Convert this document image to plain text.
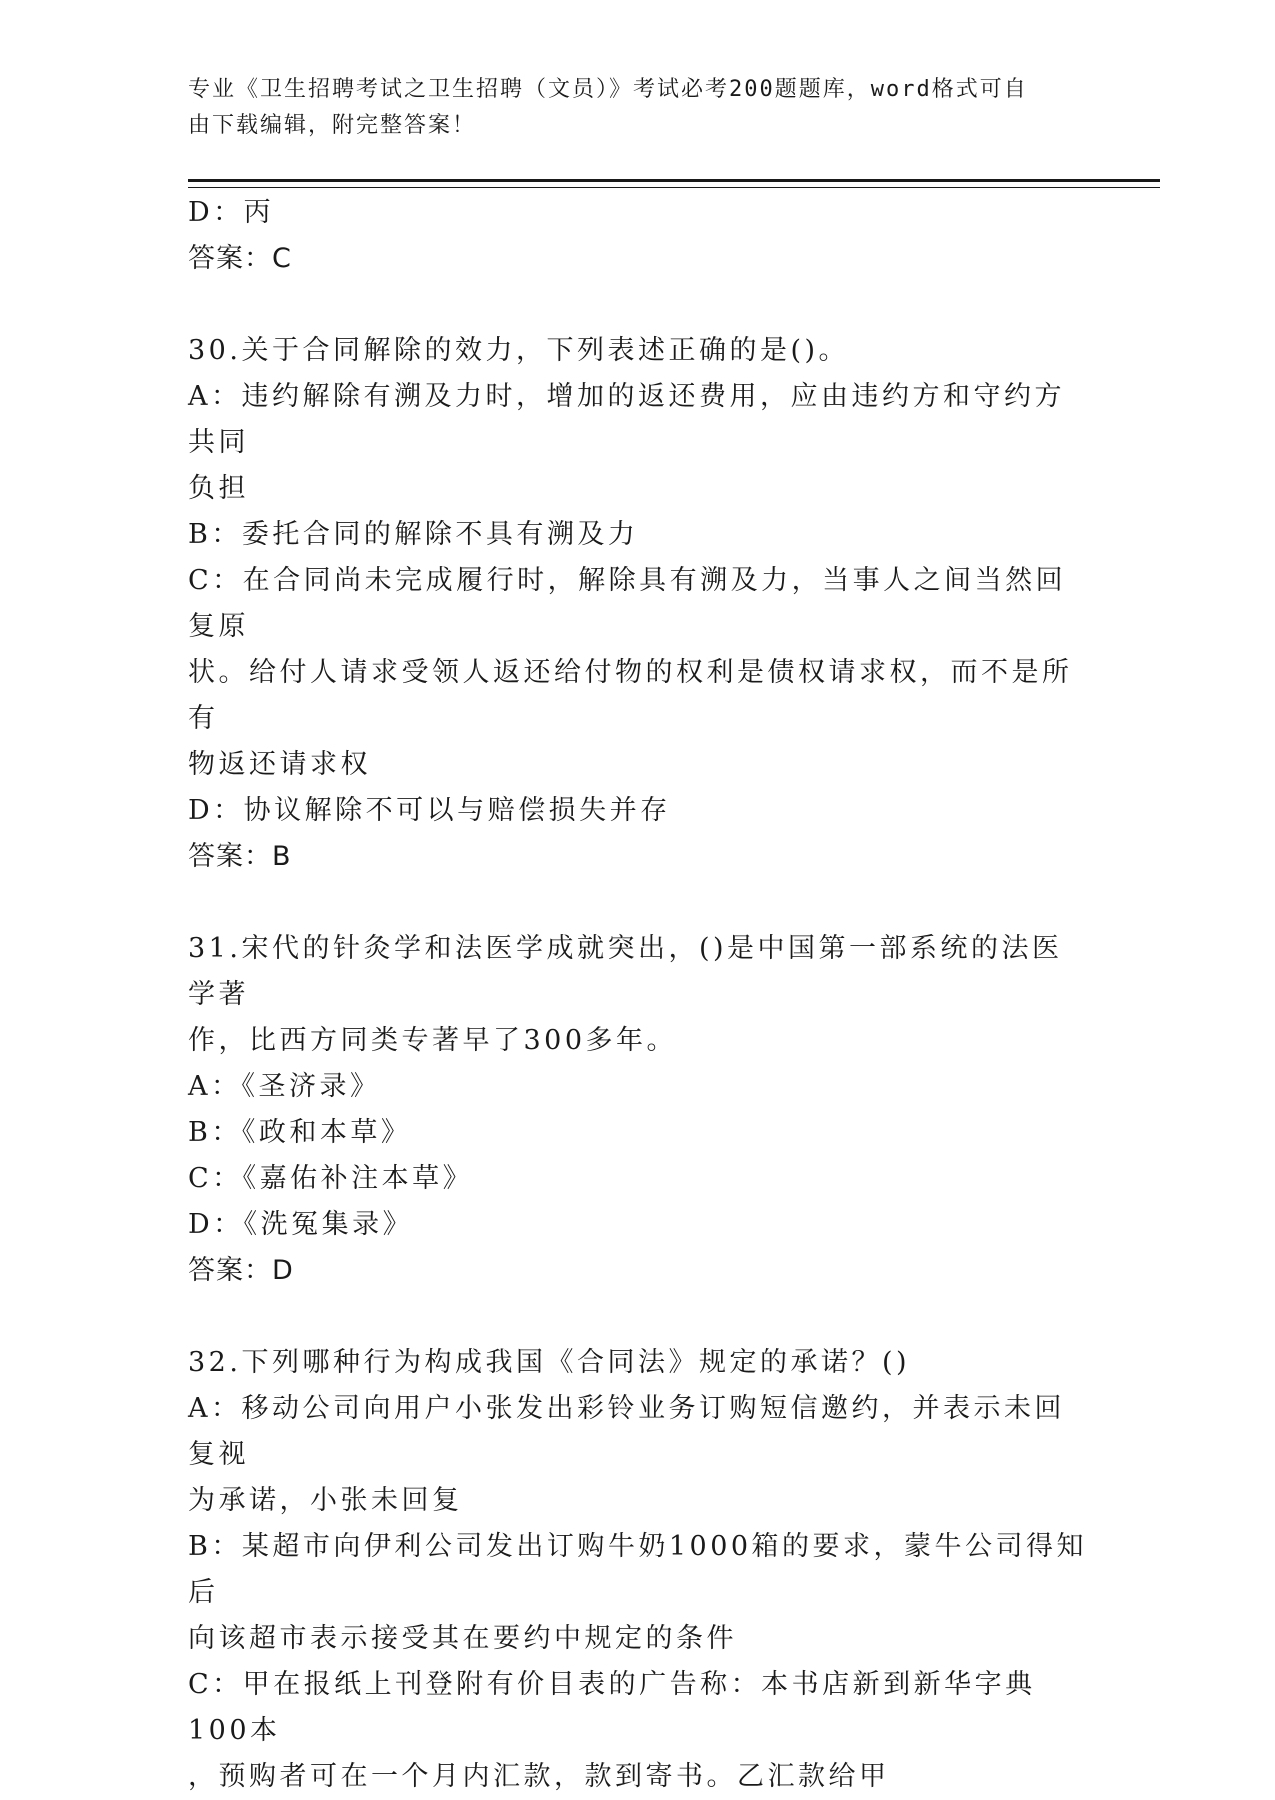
专业《卫生招聘考试之卫生招聘（文员）》考试必考200题题库，word格式可自
由下载编辑，附完整答案！
D：丙
答案：C
30.关于合同解除的效力，下列表述正确的是()。
A：违约解除有溯及力时，增加的返还费用，应由违约方和守约方共同
负担
B：委托合同的解除不具有溯及力
C：在合同尚未完成履行时，解除具有溯及力，当事人之间当然回复原
状。给付人请求受领人返还给付物的权利是债权请求权，而不是所有
物返还请求权
D：协议解除不可以与赔偿损失并存
答案：B
31.宋代的针灸学和法医学成就突出，()是中国第一部系统的法医学著
作，比西方同类专著早了300多年。
A：《圣济录》
B：《政和本草》
C：《嘉佑补注本草》
D：《洗冤集录》
答案：D
32.下列哪种行为构成我国《合同法》规定的承诺？()
A：移动公司向用户小张发出彩铃业务订购短信邀约，并表示未回复视
为承诺，小张未回复
B：某超市向伊利公司发出订购牛奶1000箱的要求，蒙牛公司得知后
向该超市表示接受其在要约中规定的条件
C：甲在报纸上刊登附有价目表的广告称：本书店新到新华字典100本
，预购者可在一个月内汇款，款到寄书。乙汇款给甲
